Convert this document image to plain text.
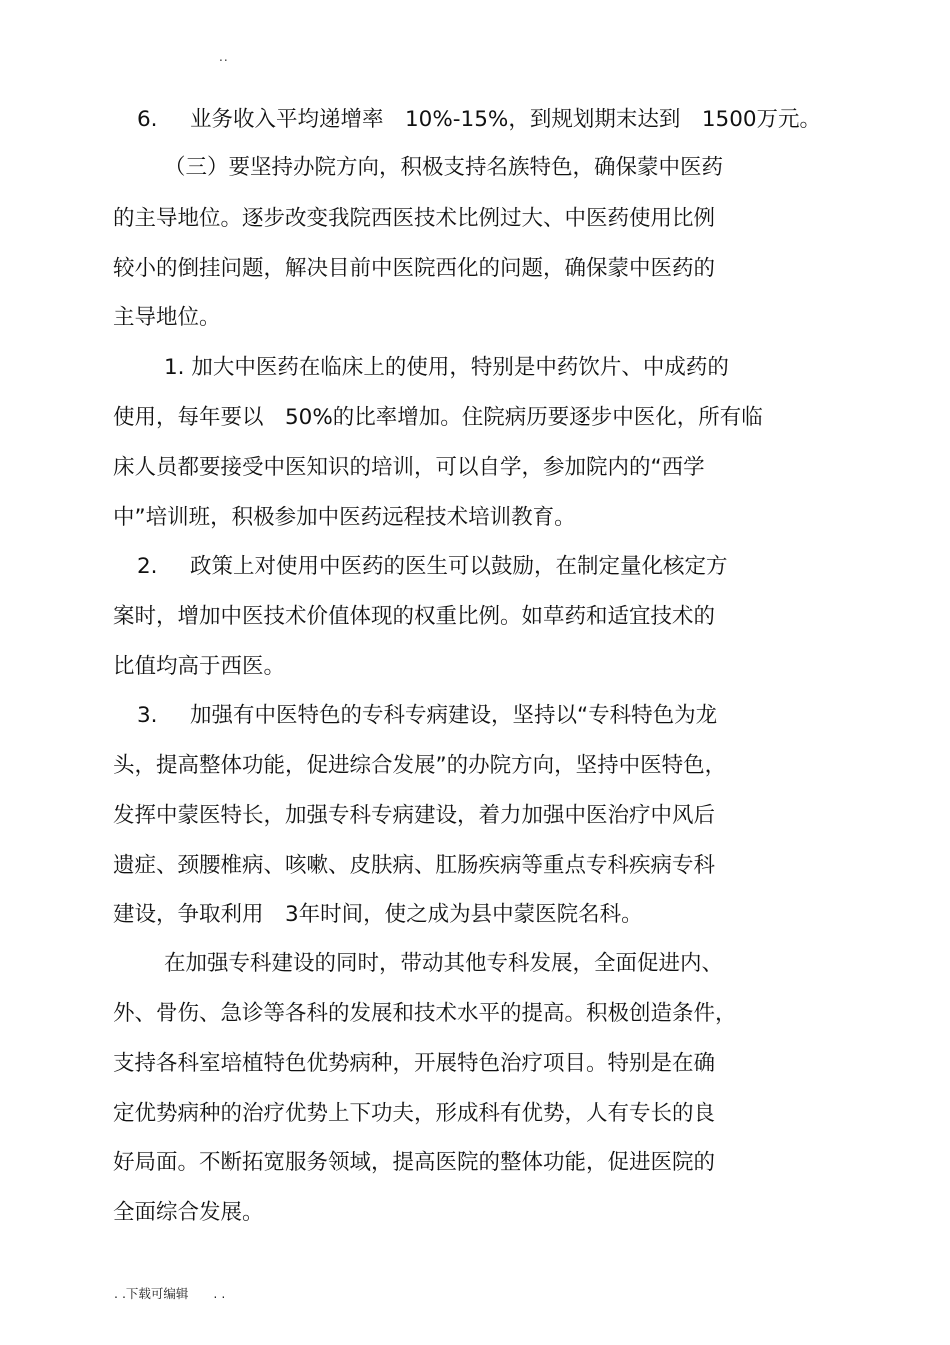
..
6. 业务收入平均递增率　10%-15%，到规划期末达到　1500万元。
（三）要坚持办院方向，积极支持名族特色，确保蒙中医药
的主导地位。逐步改变我院西医技术比例过大、中医药使用比例
较小的倒挂问题，解决目前中医院西化的问题，确保蒙中医药的
主导地位。
1. 加大中医药在临床上的使用，特别是中药饮片、中成药的
使用，每年要以　50%的比率增加。住院病历要逐步中医化，所有临
床人员都要接受中医知识的培训，可以自学，参加院内的“西学
中”培训班，积极参加中医药远程技术培训教育。
2. 政策上对使用中医药的医生可以鼓励，在制定量化核定方
案时，增加中医技术价值体现的权重比例。如草药和适宜技术的
比值均高于西医。
3. 加强有中医特色的专科专病建设，坚持以“专科特色为龙
头，提高整体功能，促进综合发展”的办院方向，坚持中医特色，
发挥中蒙医特长，加强专科专病建设，着力加强中医治疗中风后
遗症、颈腰椎病、咳嗽、皮肤病、肛肠疾病等重点专科疾病专科
建设，争取利用　3年时间，使之成为县中蒙医院名科。
在加强专科建设的同时，带动其他专科发展，全面促进内、
外、骨伤、急诊等各科的发展和技术水平的提高。积极创造条件，
支持各科室培植特色优势病种，开展特色治疗项目。特别是在确
定优势病种的治疗优势上下功夫，形成科有优势，人有专长的良
好局面。不断拓宽服务领域，提高医院的整体功能，促进医院的
全面综合发展。
. .下载可编辑　　. .
